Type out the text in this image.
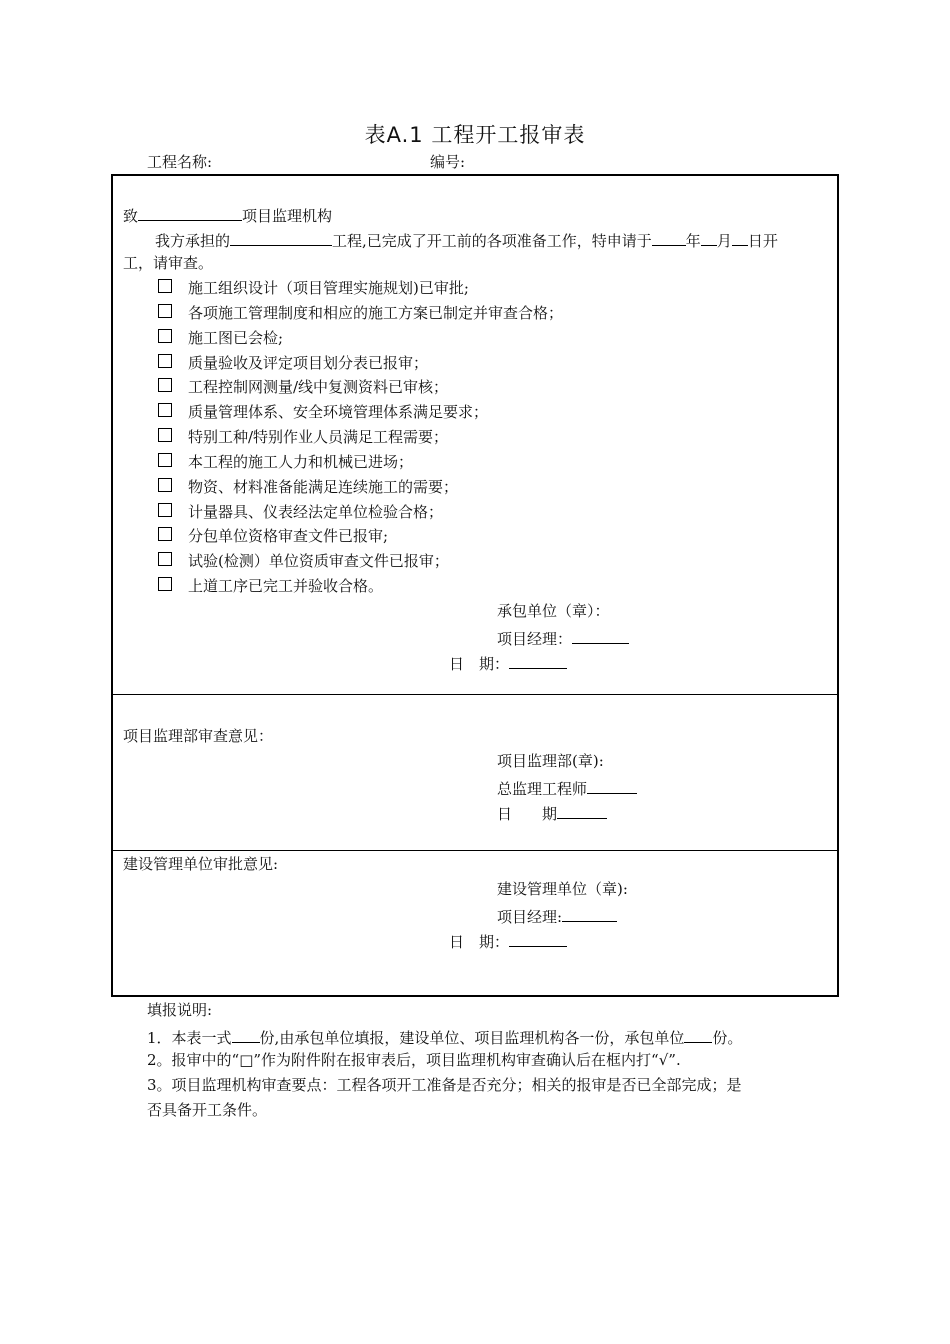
表A.1 工程开工报审表
工程名称:	编号:
致	项目监理机构
我方承担的	工程,已完成了开工前的各项准备工作，特申请于 年 月 日开
工，请审查。
施工组织设计（项目管理实施规划)已审批;
各项施工管理制度和相应的施工方案已制定并审查合格；
施工图已会检;
质量验收及评定项目划分表已报审；
工程控制网测量/线中复测资料已审核；
质量管理体系、安全环境管理体系满足要求；
特别工种/特别作业人员满足工程需要；
本工程的施工人力和机械已进场；
物资、材料准备能满足连续施工的需要；
计量器具、仪表经法定单位检验合格；
分包单位资格审查文件已报审;
试验(检测）单位资质审查文件已报审；
上道工序已完工并验收合格。
承包单位（章）：
项目经理：
日　期：
项目监理部审查意见：
项目监理部(章):
总监理工程师
日　　期
建设管理单位审批意见:
建设管理单位（章):
项目经理:
日　期：
填报说明:
1．本表一式 份,由承包单位填报，建设单位、项目监理机构各一份，承包单位 份。
2。报审中的“□”作为附件附在报审表后，项目监理机构审查确认后在框内打“√”.
3。项目监理机构审查要点：工程各项开工准备是否充分；相关的报审是否已全部完成；是
否具备开工条件。
